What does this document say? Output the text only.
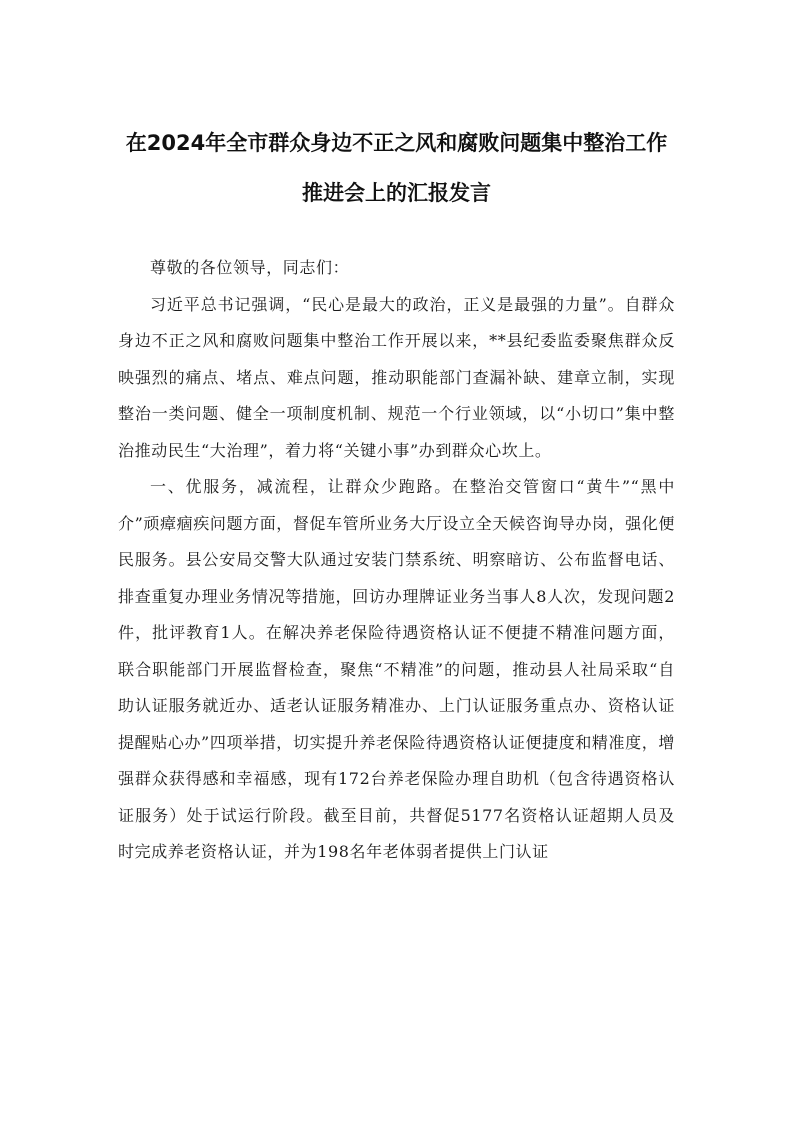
在2024年全市群众身边不正之风和腐败问题集中整治工作
推进会上的汇报发言

尊敬的各位领导，同志们：

习近平总书记强调，“民心是最大的政治，正义是最强的力量”。自群众身边不正之风和腐败问题集中整治工作开展以来，**县纪委监委聚焦群众反映强烈的痛点、堵点、难点问题，推动职能部门查漏补缺、建章立制，实现整治一类问题、健全一项制度机制、规范一个行业领域，以“小切口”集中整治推动民生“大治理”，着力将“关键小事”办到群众心坎上。

一、优服务，减流程，让群众少跑路。在整治交管窗口“黄牛”“黑中介”顽瘴痼疾问题方面，督促车管所业务大厅设立全天候咨询导办岗，强化便民服务。县公安局交警大队通过安装门禁系统、明察暗访、公布监督电话、排查重复办理业务情况等措施，回访办理牌证业务当事人8人次，发现问题2件，批评教育1人。在解决养老保险待遇资格认证不便捷不精准问题方面，联合职能部门开展监督检查，聚焦“不精准”的问题，推动县人社局采取“自助认证服务就近办、适老认证服务精准办、上门认证服务重点办、资格认证提醒贴心办”四项举措，切实提升养老保险待遇资格认证便捷度和精准度，增强群众获得感和幸福感，现有172台养老保险办理自助机（包含待遇资格认证服务）处于试运行阶段。截至目前，共督促5177名资格认证超期人员及时完成养老资格认证，并为198名年老体弱者提供上门认证
